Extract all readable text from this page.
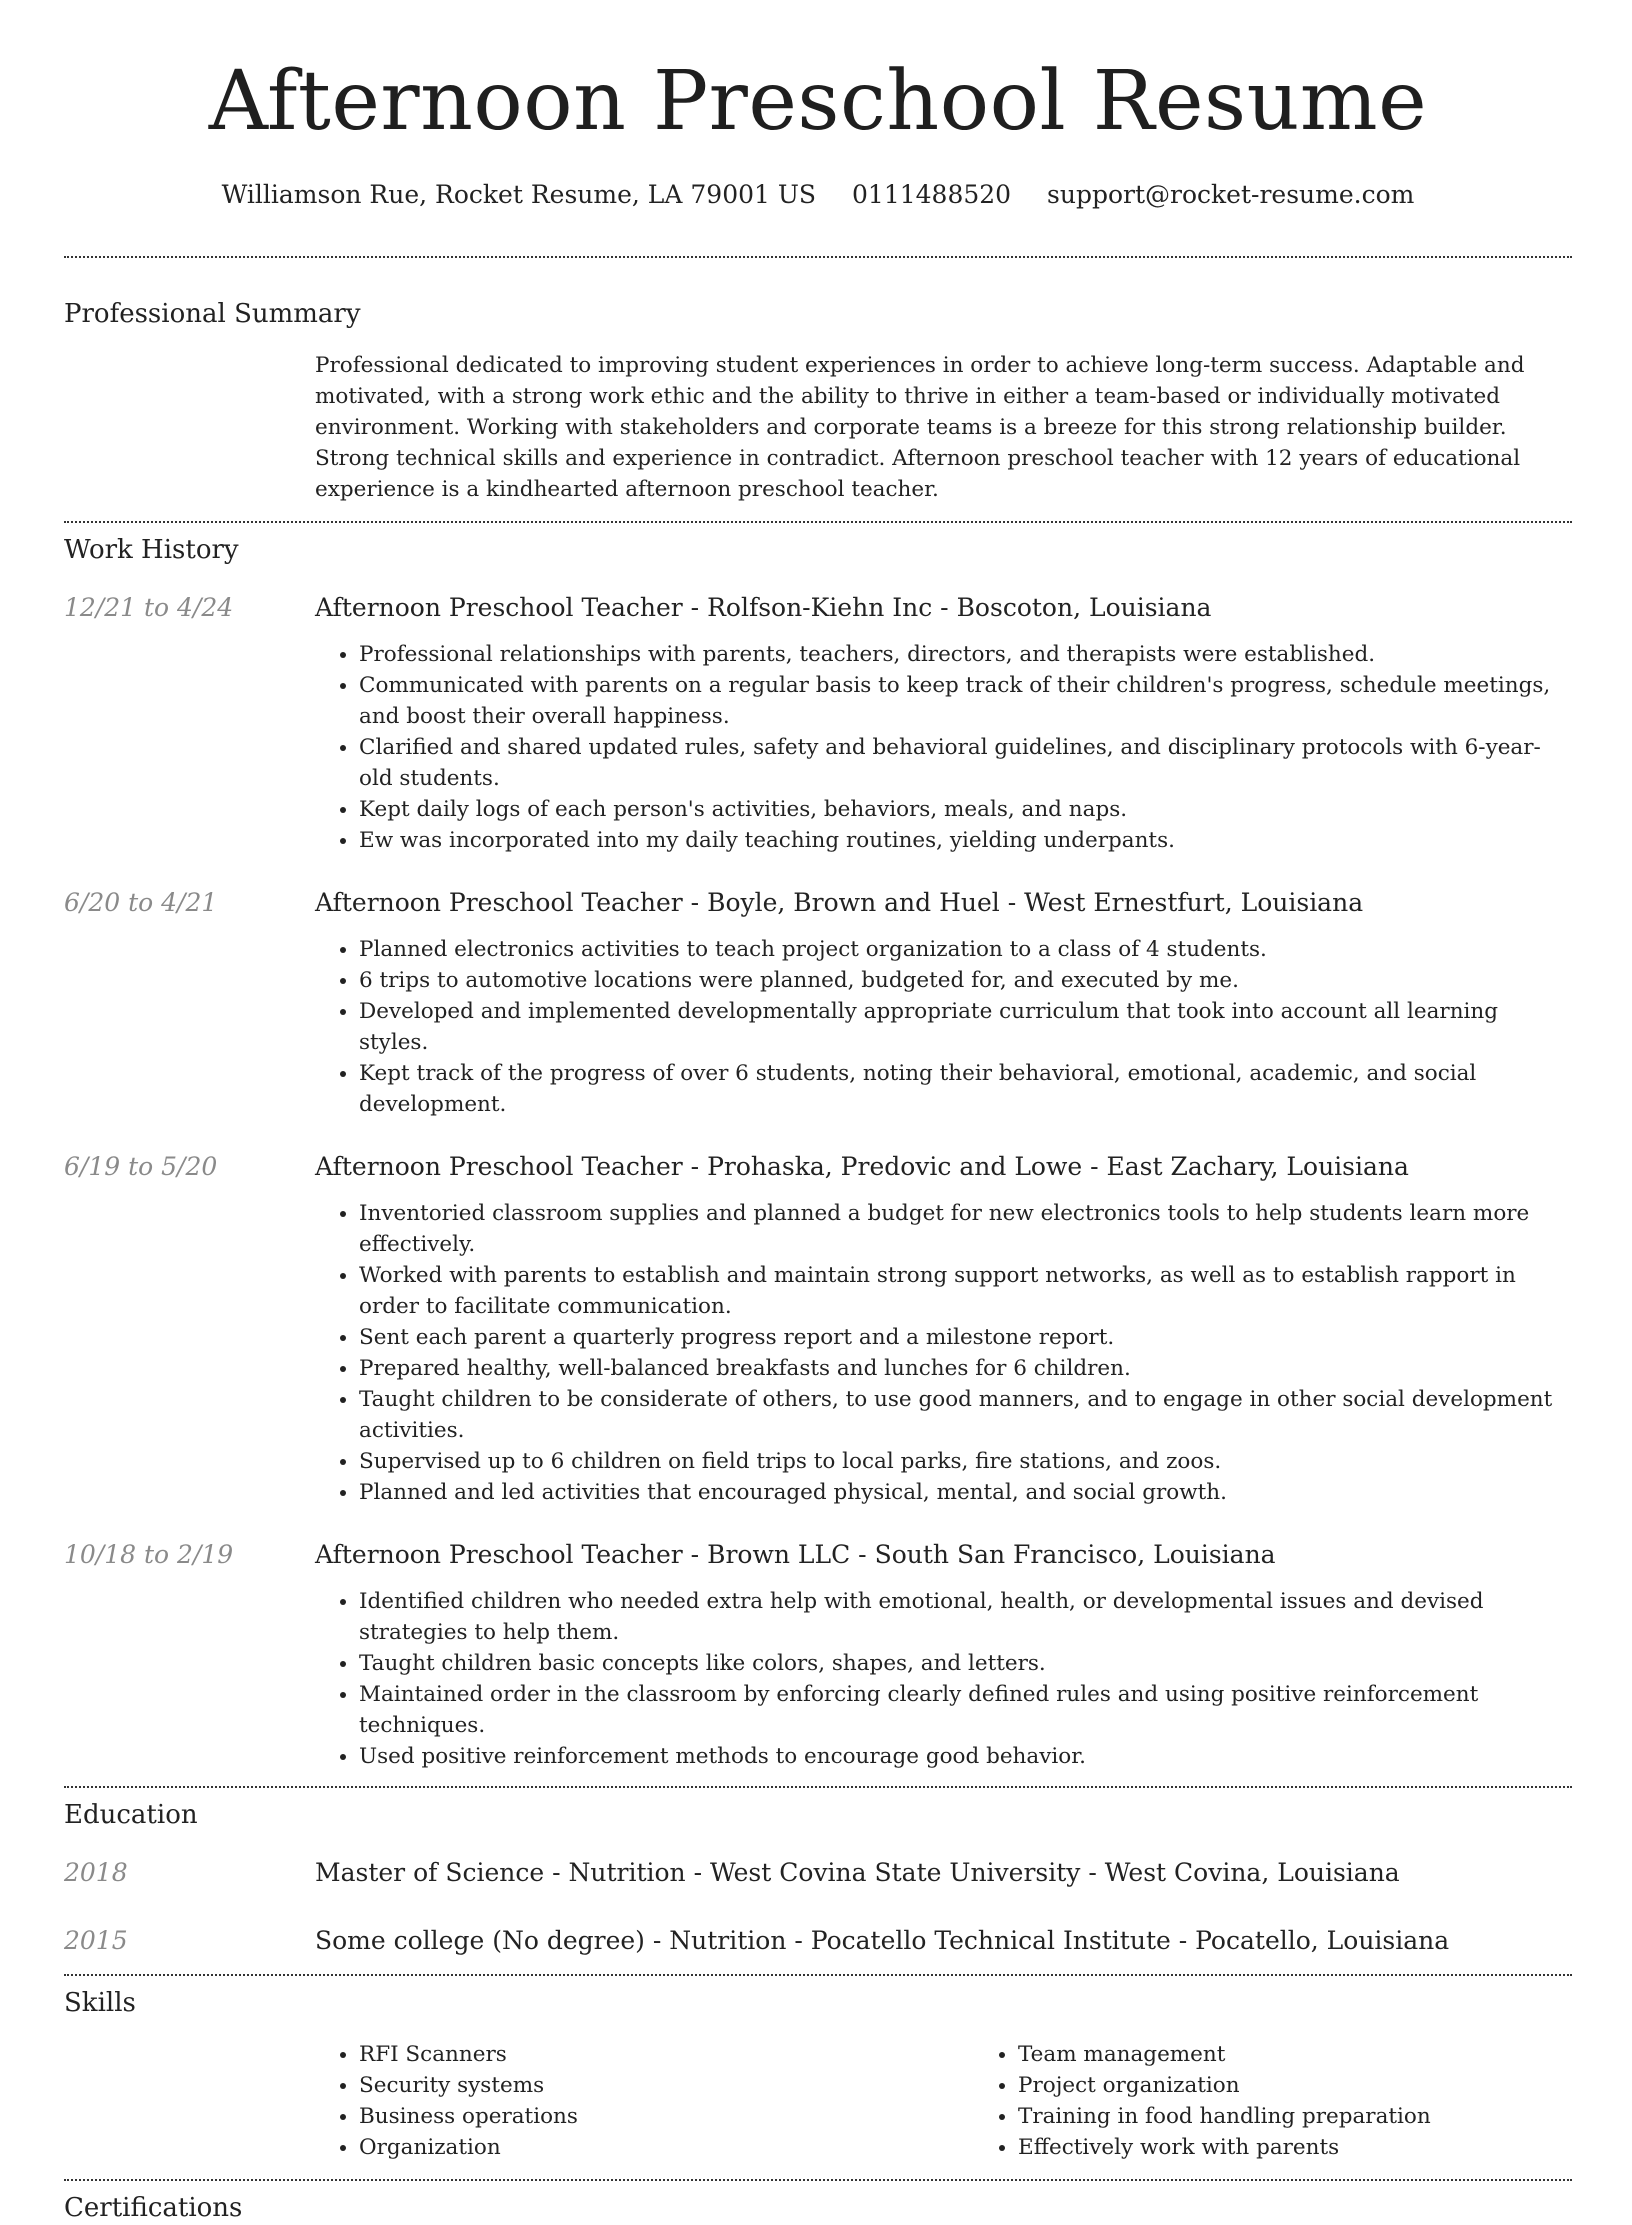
Afternoon Preschool Resume
Williamson Rue, Rocket Resume, LA 79001 US 0111488520 support@rocket-resume.com
Professional Summary

Professional dedicated to improving student experiences in order to achieve long-term success. Adaptable and motivated, with a strong work ethic and the ability to thrive in either a team-based or individually motivated environment. Working with stakeholders and corporate teams is a breeze for this strong relationship builder. Strong technical skills and experience in contradict. Afternoon preschool teacher with 12 years of educational experience is a kindhearted afternoon preschool teacher.

Work History
12/21 to 4/24	Afternoon Preschool Teacher - Rolfson-Kiehn Inc - Boscoton, Louisiana
• Professional relationships with parents, teachers, directors, and therapists were established.
• Communicated with parents on a regular basis to keep track of their children's progress, schedule meetings, and boost their overall happiness.
• Clarified and shared updated rules, safety and behavioral guidelines, and disciplinary protocols with 6-year-old students.
• Kept daily logs of each person's activities, behaviors, meals, and naps.
• Ew was incorporated into my daily teaching routines, yielding underpants.
6/20 to 4/21	Afternoon Preschool Teacher - Boyle, Brown and Huel - West Ernestfurt, Louisiana
• Planned electronics activities to teach project organization to a class of 4 students.
• 6 trips to automotive locations were planned, budgeted for, and executed by me.
• Developed and implemented developmentally appropriate curriculum that took into account all learning styles.
• Kept track of the progress of over 6 students, noting their behavioral, emotional, academic, and social development.
6/19 to 5/20	Afternoon Preschool Teacher - Prohaska, Predovic and Lowe - East Zachary, Louisiana
• Inventoried classroom supplies and planned a budget for new electronics tools to help students learn more effectively.
• Worked with parents to establish and maintain strong support networks, as well as to establish rapport in order to facilitate communication.
• Sent each parent a quarterly progress report and a milestone report.
• Prepared healthy, well-balanced breakfasts and lunches for 6 children.
• Taught children to be considerate of others, to use good manners, and to engage in other social development activities.
• Supervised up to 6 children on field trips to local parks, fire stations, and zoos.
• Planned and led activities that encouraged physical, mental, and social growth.
10/18 to 2/19	Afternoon Preschool Teacher - Brown LLC - South San Francisco, Louisiana
• Identified children who needed extra help with emotional, health, or developmental issues and devised strategies to help them.
• Taught children basic concepts like colors, shapes, and letters.
• Maintained order in the classroom by enforcing clearly defined rules and using positive reinforcement techniques.
• Used positive reinforcement methods to encourage good behavior.
Education
2018	Master of Science - Nutrition - West Covina State University - West Covina, Louisiana
2015	Some college (No degree) - Nutrition - Pocatello Technical Institute - Pocatello, Louisiana
Skills
• RFI Scanners
• Security systems
• Business operations
• Organization
• Team management
• Project organization
• Training in food handling preparation
• Effectively work with parents
Certifications
